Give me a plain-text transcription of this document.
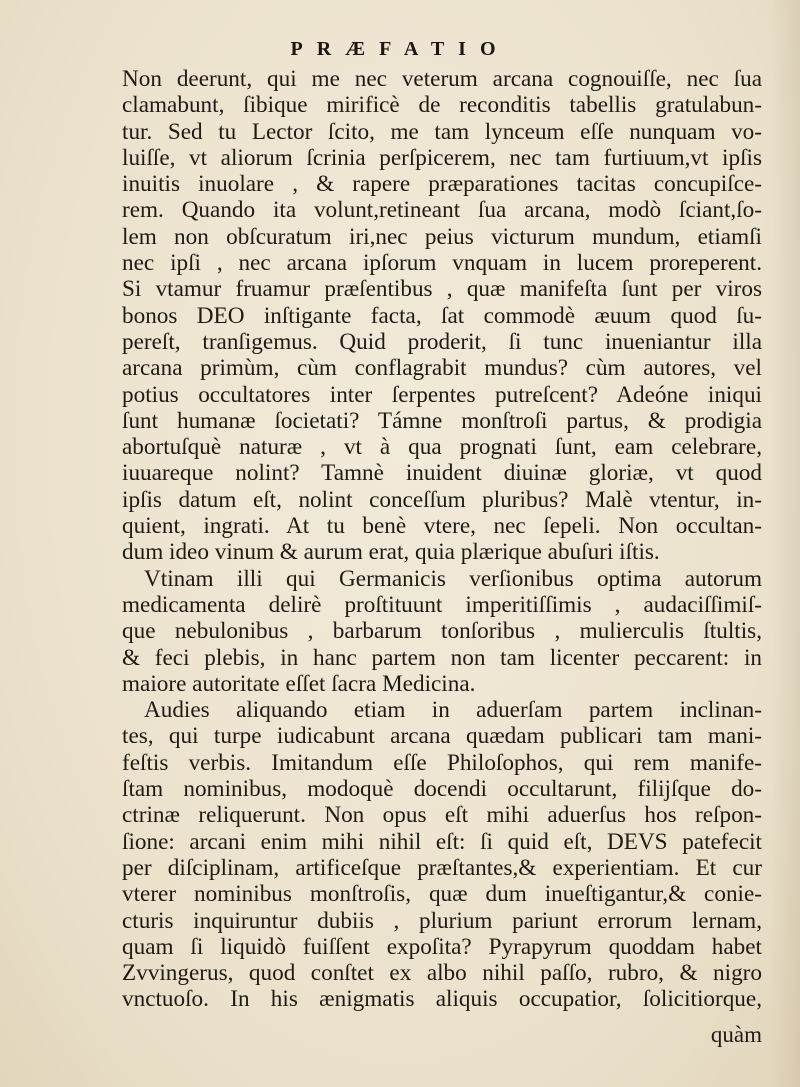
PRÆFATIO
Non deerunt, qui me nec veterum arcana cognouiſſe, nec ſua
clamabunt, ſibique mirificè de reconditis tabellis gratulabun-
tur. Sed tu Lector ſcito, me tam lynceum eſſe nunquam vo-
luiſſe, vt aliorum ſcrinia perſpicerem, nec tam furtiuum,vt ipſis
inuitis inuolare , & rapere præparationes tacitas concupiſce-
rem. Quando ita volunt,retineant ſua arcana, modò ſciant,ſo-
lem non obſcuratum iri,nec peius victurum mundum, etiamſi
nec ipſi , nec arcana ipſorum vnquam in lucem proreperent.
Si vtamur fruamur præſentibus , quæ manifeſta ſunt per viros
bonos DEO inſtigante facta, ſat commodè æuum quod ſu-
pereſt, tranſigemus. Quid proderit, ſi tunc inueniantur illa
arcana primùm, cùm conflagrabit mundus? cùm autores, vel
potius occultatores inter ſerpentes putreſcent? Adeóne iniqui
ſunt humanæ ſocietati? Támne monſtroſi partus, & prodigia
abortuſquè naturæ , vt à qua prognati ſunt, eam celebrare,
iuuareque nolint? Tamnè inuident diuinæ gloriæ, vt quod
ipſis datum eſt, nolint conceſſum pluribus? Malè vtentur, in-
quient, ingrati. At tu benè vtere, nec ſepeli. Non occultan-
dum ideo vinum & aurum erat, quia plærique abuſuri iſtis.
Vtinam illi qui Germanicis verſionibus optima autorum
medicamenta delirè proſtituunt imperitiſſimis , audaciſſimiſ-
que nebulonibus , barbarum tonſoribus , mulierculis ſtultis,
& feci plebis, in hanc partem non tam licenter peccarent: in
maiore autoritate eſſet ſacra Medicina.
Audies aliquando etiam in aduerſam partem inclinan-
tes, qui turpe iudicabunt arcana quædam publicari tam mani-
feſtis verbis. Imitandum eſſe Philoſophos, qui rem manife-
ſtam nominibus, modoquè docendi occultarunt, filijſque do-
ctrinæ reliquerunt. Non opus eſt mihi aduerſus hos reſpon-
ſione: arcani enim mihi nihil eſt: ſi quid eſt, DEVS patefecit
per diſciplinam, artificeſque præſtantes,& experientiam. Et cur
vterer nominibus monſtroſis, quæ dum inueſtigantur,& conie-
cturis inquiruntur dubiis , plurium pariunt errorum lernam,
quam ſi liquidò fuiſſent expoſita? Pyrapyrum quoddam habet
Zvvingerus, quod conſtet ex albo nihil paſſo, rubro, & nigro
vnctuoſo. In his ænigmatis aliquis occupatior, ſolicitiorque,
quàm
